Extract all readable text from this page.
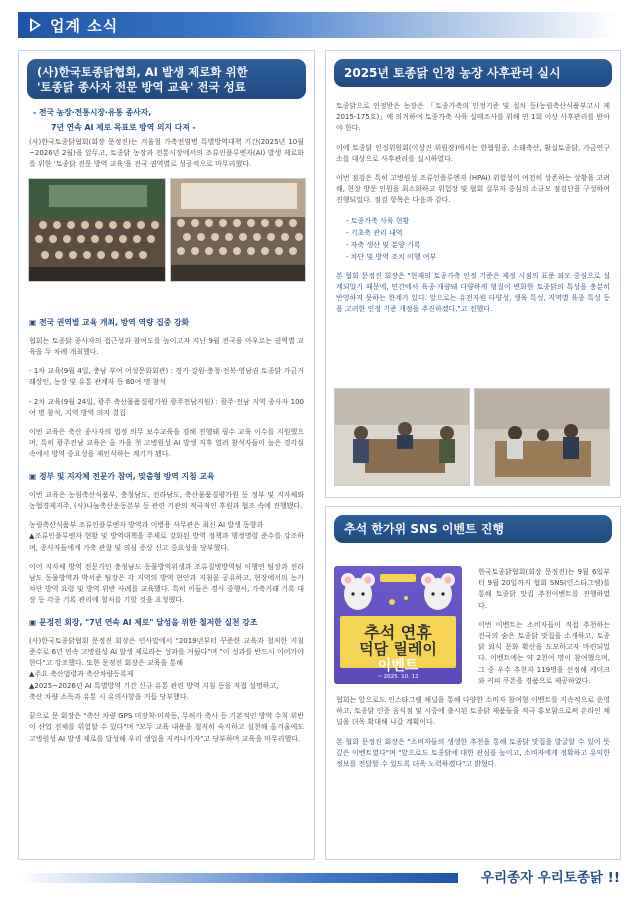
업계 소식
(사)한국토종닭협회, AI 발생 제로화 위한
'토종닭 종사자 전문 방역 교육' 전국 성료
- 전국 농장·전통시장·유통 종사자,
7년 연속 AI 제로 목표로 방역 의지 다져 -
(사)한국토종닭협회(회장 문정진)는 겨울철 가축전염병 특별방역대책 기간(2025년 10월~2026년 2월)을 앞두고, 토종닭 농장과 전통시장에서의 조류인플루엔자(AI) 발생 제로화를 위한 '토종닭 전문 방역 교육'을 전국 권역별로 성공적으로 마무리했다.
▣ 전국 권역별 교육 개최, 방역 역량 집중 강화
협회는 토종닭 종사자의 접근성과 참여도를 높이고자 지난 9월 전국을 아우르는 권역별 교육을 두 차례 개최했다.
- 1차 교육(9월 4일, 충남 부여 어성문화회관) : 경기·강원·충청·전북·영남권 토종닭 가금거래상인, 농장 및 유통 관계자 등 80여 명 참석
- 2차 교육(9월 24일, 광주 축산물품질평가원 광주전남지원) : 광주·전남 지역 종사자 100여 명 참석, 지역 방역 의지 결집
이번 교육은 축산 종사자의 법정 의무 보수교육을 겸해 진행돼 필수 교육 이수를 지원했으며, 특히 광주전남 교육은 올 가을 첫 고병원성 AI 발생 직후 열려 참석자들이 높은 경각심 속에서 방역 중요성을 재인식하는 계기가 됐다.
▣ 정부 및 지자체 전문가 참여, 맞춤형 방역 지침 교육
이번 교육은 농림축산식품부, 충청남도, 전라남도, 축산물품질평가원 등 정부 및 지자체와 농협경제지주, (사)나눔축산운동본부 등 관련 기관의 적극적인 후원과 협조 속에 진행됐다.
농림축산식품부 조류인플루엔자 방역과 이병용 사무관은 최신 AI 발생 동향과
▲조류인플루엔자 현황 및 방역대책을 주제로 강화된 방역 정책과 행정명령 준수를 강조하며, 종사자들에게 가축 관찰 및 의심 증상 신고 중요성을 당부했다.
이어 지자체 방역 전문가인 충청남도 동물방역위생과 조류질병방역팀 이행연 팀장과 전라남도 동물방역과 박서준 팀장은 각 지역의 방역 현안과 지침을 공유하고, 현장에서의 농가 차단 방역 요령 및 방역 위반 사례를 교육했다. 특히 이들은 경사 중행서, 가축거래 기록 대장 등 각종 기록 관리에 철저를 기할 것을 요청했다.
▣ 문정진 회장, "7년 연속 AI 제로" 달성을 위한 철저한 실천 강조
(사)한국토종닭협회 문정진 회장은 인사말에서 "2019년부터 꾸준한 교육과 철저한 지침 준수로 6년 연속 고병원성 AI 발생 제로라는 성과를 거뒀다"며 "이 성과를 반드시 이어가야 한다"고 강조했다. 또한 문정진 회장은 교육을 통해
▲주요 축산법령과 축산차량등록제
▲2025~2026년 AI 특별방역 기간 신규 유통 관련 방역 지침 등을 직접 설명하고,
축산 차량 소독과 유통 시 유의사항을 거듭 당부했다.
끝으로 문 회장은 "축산 차량 GPS 미장착·미작동, 무허가 축사 등 기본적인 방역 수칙 위반이 산업 전체를 위험할 수 있다"며 "모두 교육 내용을 철저히 숙지하고 실천해 올겨울에도 고병원성 AI 발생 제로를 달성해 우리 생업을 지켜나가자"고 당부하며 교육을 마무리했다.
2025년 토종닭 인정 농장 사후관리 실시
토종닭으로 인정받은 농장은 「토종가축의 인정기준 및 절차 등(농림축산식품부고시 제2015-175호)」에 의거하여 토종가축 사육 실태조사를 위해 연 1회 이상 사후관리를 받아야 한다.
이에 토종닭 인정위원회(이상진 위원장)에서는 한협원종, 소래축산, 활실토종닭, 가금연구소를 대상으로 사후관리를 실시하였다.
이번 점검은 특히 고병원성 조류인플루엔자 (HPAI) 위험성이 여전히 상존하는 상황을 고려해, 현장 방문 인원을 최소화하고 위험장 및 협회 실무자 중심의 소규모 점검단을 구성하여 진행되었다. 점검 항목은 다음과 같다.
- 토종가축 사육 현황
- 기초축 관리 내역
- 자축 생산 및 분양 기록
- 차단 및 방역 조치 이행 여부
본 협회 문정진 회장은 "현재의 토종가축 인정 기준은 제정 시점의 표준 외모 중심으로 설계되었기 때문에, 민간에서 육종·개량돼 다양하게 형질이 변화한 토종닭의 특성을 충분히 반영하지 못하는 한계가 있다. 앞으로는 유전자원 다양성, 생육 특성, 지역별 육종 특성 등을 고려한 인정 기준 개정을 추진하겠다."고 전했다.
추석 한가위 SNS 이벤트 진행
한국토종닭협회(회장 문정진)는 9월 6일부터 9월 20일까지 협회 SNS(인스타그램)를 통해 토종닭 맛집 추천이벤트를 진행하였다.
이번 이벤트는 소비자들이 직접 추천하는 전국의 숨은 토종닭 맛집을 소개하고, 토종닭 외식 문화 확산을 도모하고자 마련되었다. 이벤트에는 약 2천여 명이 참여했으며, 그 중 우수 추천자 119명을 선정해 케이크와 커피 쿠폰을 경품으로 제공하였다.
협회는 앞으로도 인스타그램 채널을 통해 다양한 소비자 참여형 이벤트를 지속적으로 운영하고, 토종닭 인증 음식점 및 시중에 출시된 토종닭 제품들을 적극 홍보함으로써 온라인 채널을 더욱 확대해 나갈 계획이다.
본 협회 문정진 회장은 "소비자들의 생생한 추천을 통해 토종닭 맛집을 발굴할 수 있어 뜻깊은 이벤트였다"며 "앞으로도 토종닭에 대한 관심을 높이고, 소비자에게 정확하고 유익한 정보를 전달할 수 있도록 더욱 노력하겠다"고 밝혔다.
추석 연휴
덕담 릴레이
이벤트
~ 2025. 10. 12
우리종자 우리토종닭 !!
